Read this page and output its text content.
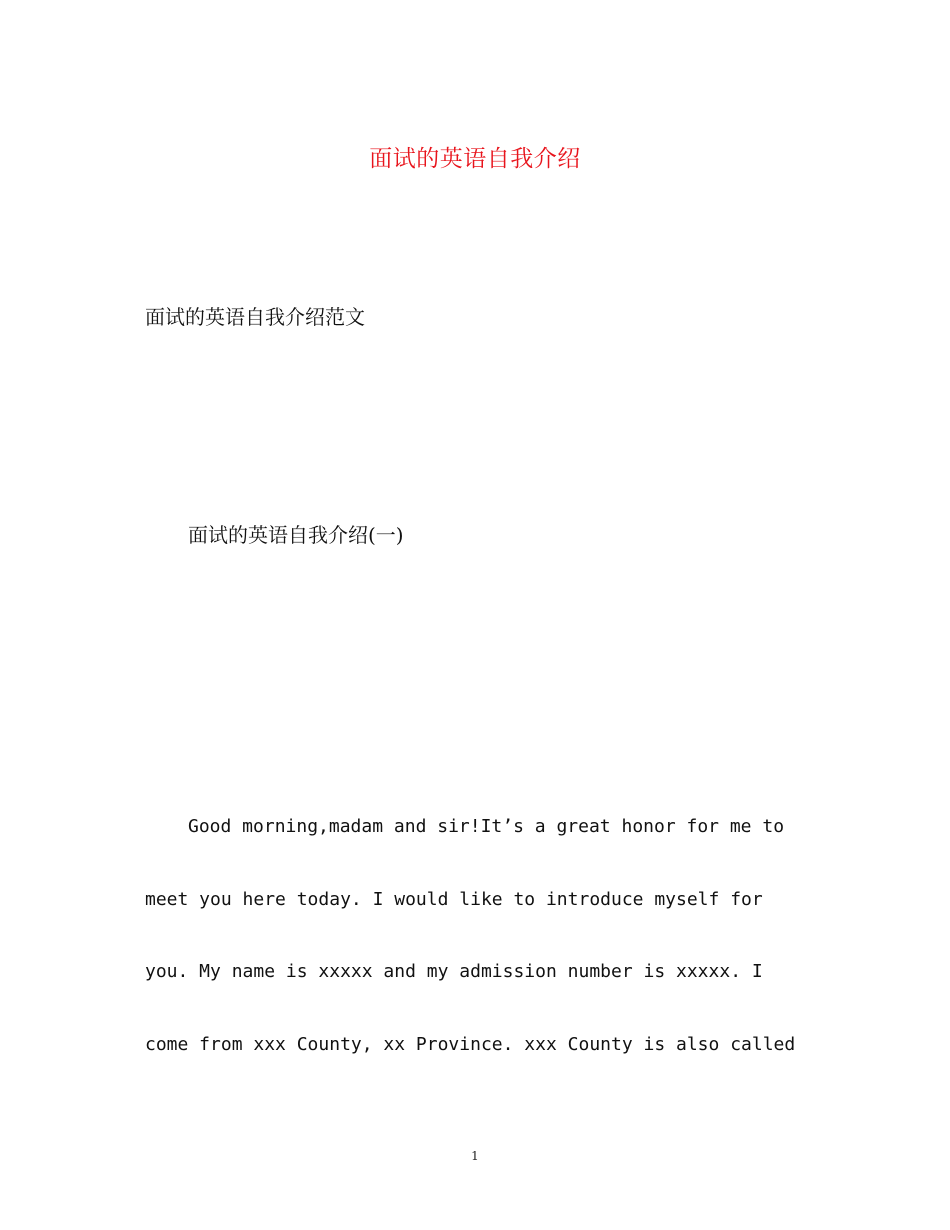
面试的英语自我介绍
面试的英语自我介绍范文
面试的英语自我介绍(一)
Good morning,madam and sir!It’s a great honor for me to
meet you here today. I would like to introduce myself for
you. My name is xxxxx and my admission number is xxxxx. I
come from xxx County, xx Province. xxx County is also called
1
